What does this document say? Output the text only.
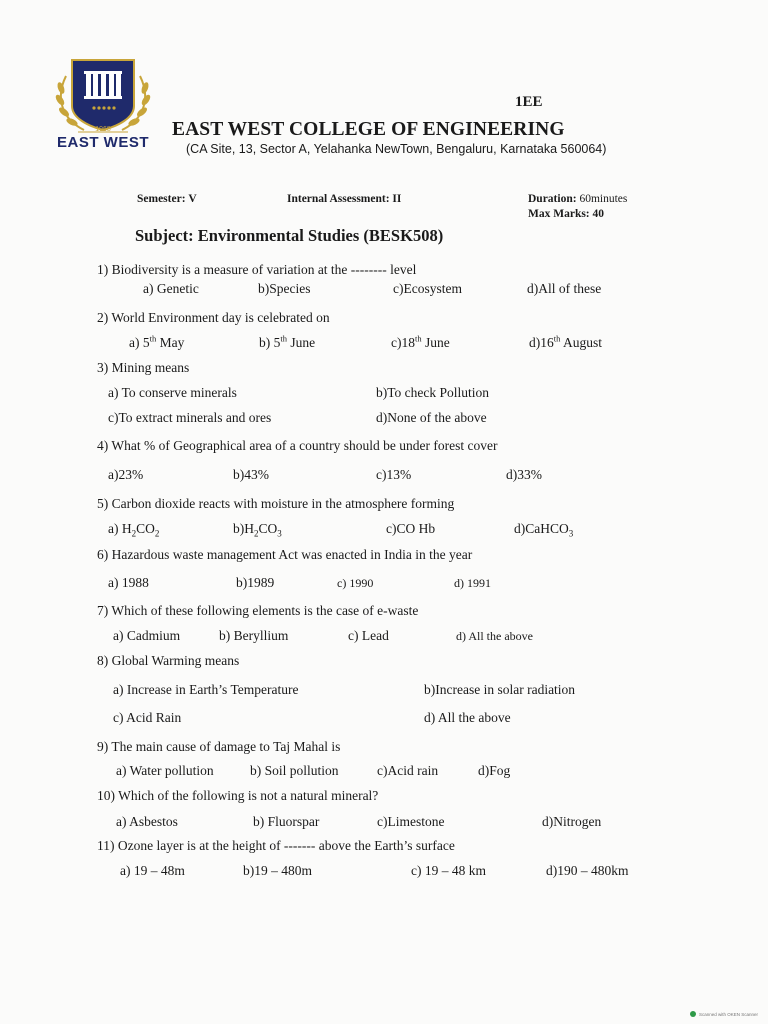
1968
EAST WEST
1EE
EAST WEST COLLEGE OF ENGINEERING
(CA Site, 13, Sector A, Yelahanka NewTown, Bengaluru, Karnataka 560064)
Semester: V	Internal Assessment: II	Duration: 60minutes
Max Marks: 40
Subject: Environmental Studies (BESK508)
1) Biodiversity is a measure of variation at the -------- level
a) Genetic	b)Species	c)Ecosystem	d)All of these
2) World Environment day is celebrated on
a) 5th May	b) 5th June	c)18th June	d)16th August
3) Mining means
a) To conserve minerals	b)To check Pollution
c)To extract minerals and ores	d)None of the above
4) What % of Geographical area of a country should be under forest cover
a)23%	b)43%	c)13%	d)33%
5) Carbon dioxide reacts with moisture in the atmosphere forming
a) $H_2CO_2$	$b)H_2CO_3$	c)CO Hb	d)CaHCO$_3$
6) Hazardous waste management Act was enacted in India in the year
a) 1988	b)1989	c) 1990	d) 1991
7) Which of these following elements is the case of e-waste
a) Cadmium	b) Beryllium	c) Lead	d) All the above
8) Global Warming means
a) Increase in Earth’s Temperature	b)Increase in solar radiation
c) Acid Rain	d) All the above
9) The main cause of damage to Taj Mahal is
a) Water pollution	b) Soil pollution	c)Acid rain	d)Fog
10) Which of the following is not a natural mineral?
a) Asbestos	b) Fluorspar	c)Limestone	d)Nitrogen
11) Ozone layer is at the height of ------- above the Earth’s surface
a) 19 – 48m	b)19 – 480m	c) 19 – 48 km	d)190 – 480km
Scanned with OKEN Scanner
